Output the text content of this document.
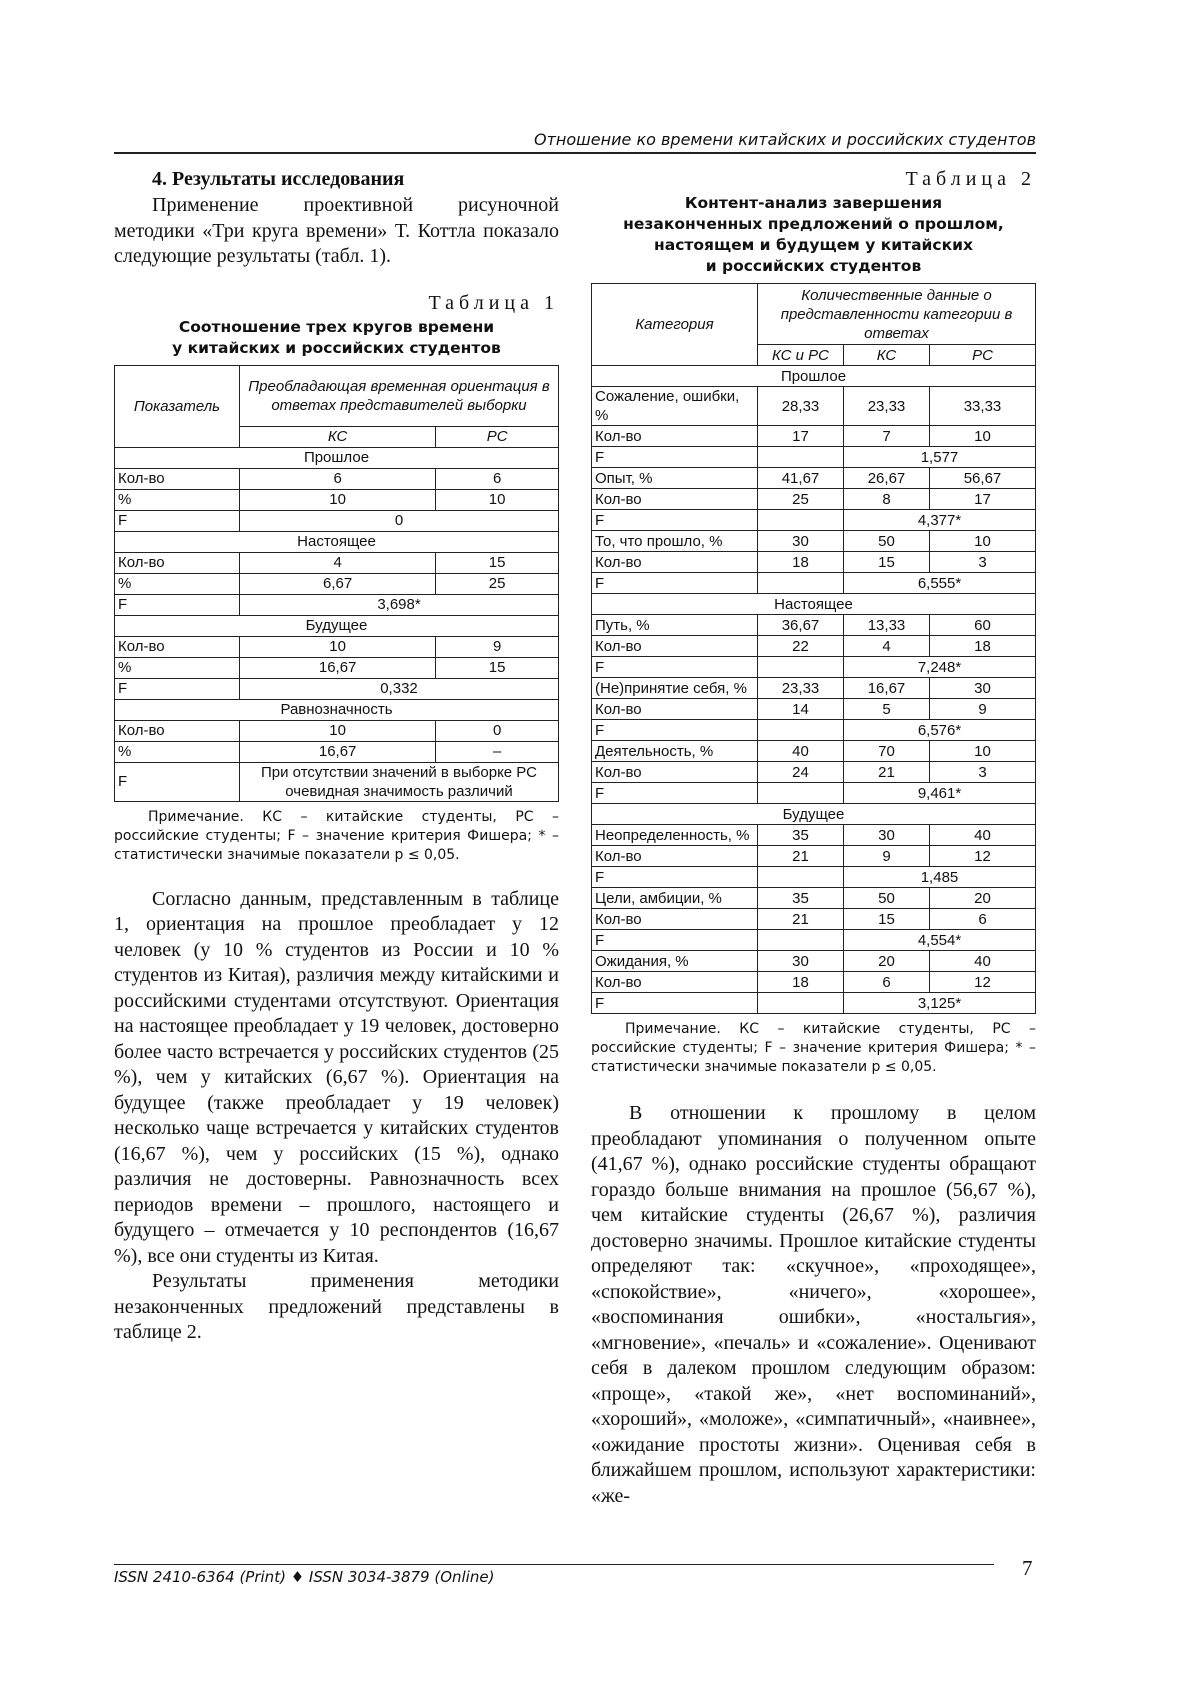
Отношение ко времени китайских и российских студентов
4. Результаты исследования

Применение проективной рисуночной методики «Три круга времени» Т. Коттла показало следующие результаты (табл. 1).

Таблица 1
Соотношение трех кругов времени
у китайских и российских студентов
Показатель	Преобладающая временная ориентация в ответах представителей выборки	
	КС	РС
Прошлое		
Кол-во	6	6
%	10	10
F	0	
Настоящее		
Кол-во	4	15
%	6,67	25
F	3,698*	
Будущее		
Кол-во	10	9
%	16,67	15
F	0,332	
Равнозначность		
Кол-во	10	0
%	16,67	–
F	При отсутствии значений в выборке РС очевидная значимость различий	

Примечание. КС – китайские студенты, РС – российские студенты; F – значение критерия Фишера; * – статистически значимые показатели p ≤ 0,05.

Согласно данным, представленным в таблице 1, ориентация на прошлое преобладает у 12 человек (у 10 % студентов из России и 10 % студентов из Китая), различия между китайскими и российскими студентами отсутствуют. Ориентация на настоящее преобладает у 19 человек, достоверно более часто встречается у российских студентов (25 %), чем у китайских (6,67 %). Ориентация на будущее (также преобладает у 19 человек) несколько чаще встречается у китайских студентов (16,67 %), чем у российских (15 %), однако различия не достоверны. Равнозначность всех периодов времени – прошлого, настоящего и будущего – отмечается у 10 респондентов (16,67 %), все они студенты из Китая.

Результаты применения методики незаконченных предложений представлены в таблице 2.

Таблица 2
Контент-анализ завершения
незаконченных предложений о прошлом,
настоящем и будущем у китайских
и российских студентов
Категория	Количественные данные о представленности категории в ответах		
	КС и РС	КС	РС
Прошлое			
Сожаление, ошибки, %	28,33	23,33	33,33
Кол-во	17	7	10
F		1,577	
Опыт, %	41,67	26,67	56,67
Кол-во	25	8	17
F		4,377*	
То, что прошло, %	30	50	10
Кол-во	18	15	3
F		6,555*	
Настоящее			
Путь, %	36,67	13,33	60
Кол-во	22	4	18
F		7,248*	
(Не)принятие себя, %	23,33	16,67	30
Кол-во	14	5	9
F		6,576*	
Деятельность, %	40	70	10
Кол-во	24	21	3
F		9,461*	
Будущее			
Неопределенность, %	35	30	40
Кол-во	21	9	12
F		1,485	
Цели, амбиции, %	35	50	20
Кол-во	21	15	6
F		4,554*	
Ожидания, %	30	20	40
Кол-во	18	6	12
F		3,125*	

Примечание. КС – китайские студенты, РС – российские студенты; F – значение критерия Фишера; * – статистически значимые показатели p ≤ 0,05.

В отношении к прошлому в целом преобладают упоминания о полученном опыте (41,67 %), однако российские студенты обращают гораздо больше внимания на прошлое (56,67 %), чем китайские студенты (26,67 %), различия достоверно значимы. Прошлое китайские студенты определяют так: «скучное», «проходящее», «спокойствие», «ничего», «хорошее», «воспоминания ошибки», «ностальгия», «мгновение», «печаль» и «сожаление». Оценивают себя в далеком прошлом следующим образом: «проще», «такой же», «нет воспоминаний», «хороший», «моложе», «симпатичный», «наивнее», «ожидание простоты жизни». Оценивая себя в ближайшем прошлом, используют характеристики: «же-

ISSN 2410-6364 (Print) ♦ ISSN 3034-3879 (Online)	7
